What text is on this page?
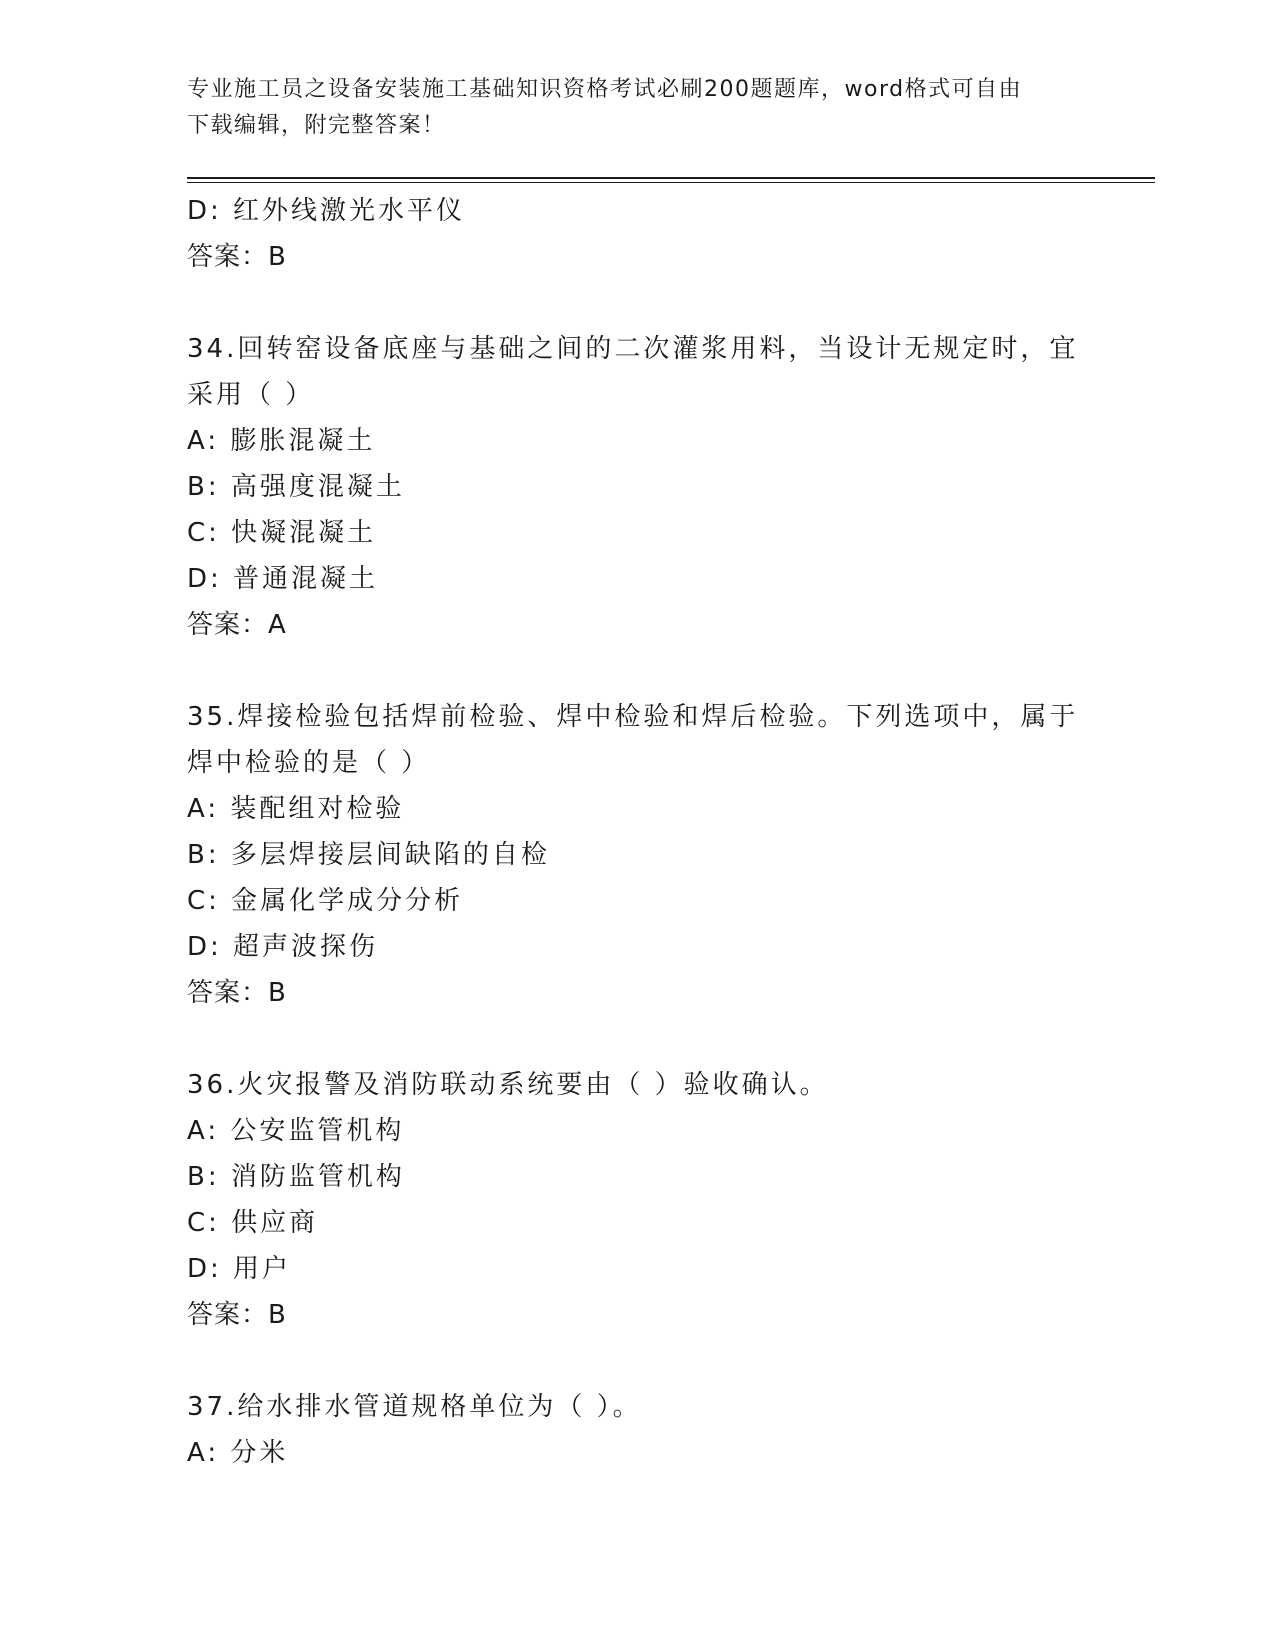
专业施工员之设备安装施工基础知识资格考试必刷200题题库，word格式可自由
下载编辑，附完整答案！
D: 红外线激光水平仪
答案：B
34.回转窑设备底座与基础之间的二次灌浆用料，当设计无规定时，宜
采用（ ）
A: 膨胀混凝土
B: 高强度混凝土
C: 快凝混凝土
D: 普通混凝土
答案：A
35.焊接检验包括焊前检验、焊中检验和焊后检验。下列选项中，属于
焊中检验的是（ ）
A: 装配组对检验
B: 多层焊接层间缺陷的自检
C: 金属化学成分分析
D: 超声波探伤
答案：B
36.火灾报警及消防联动系统要由（ ）验收确认。
A: 公安监管机构
B: 消防监管机构
C: 供应商
D: 用户
答案：B
37.给水排水管道规格单位为（ ）。
A: 分米
